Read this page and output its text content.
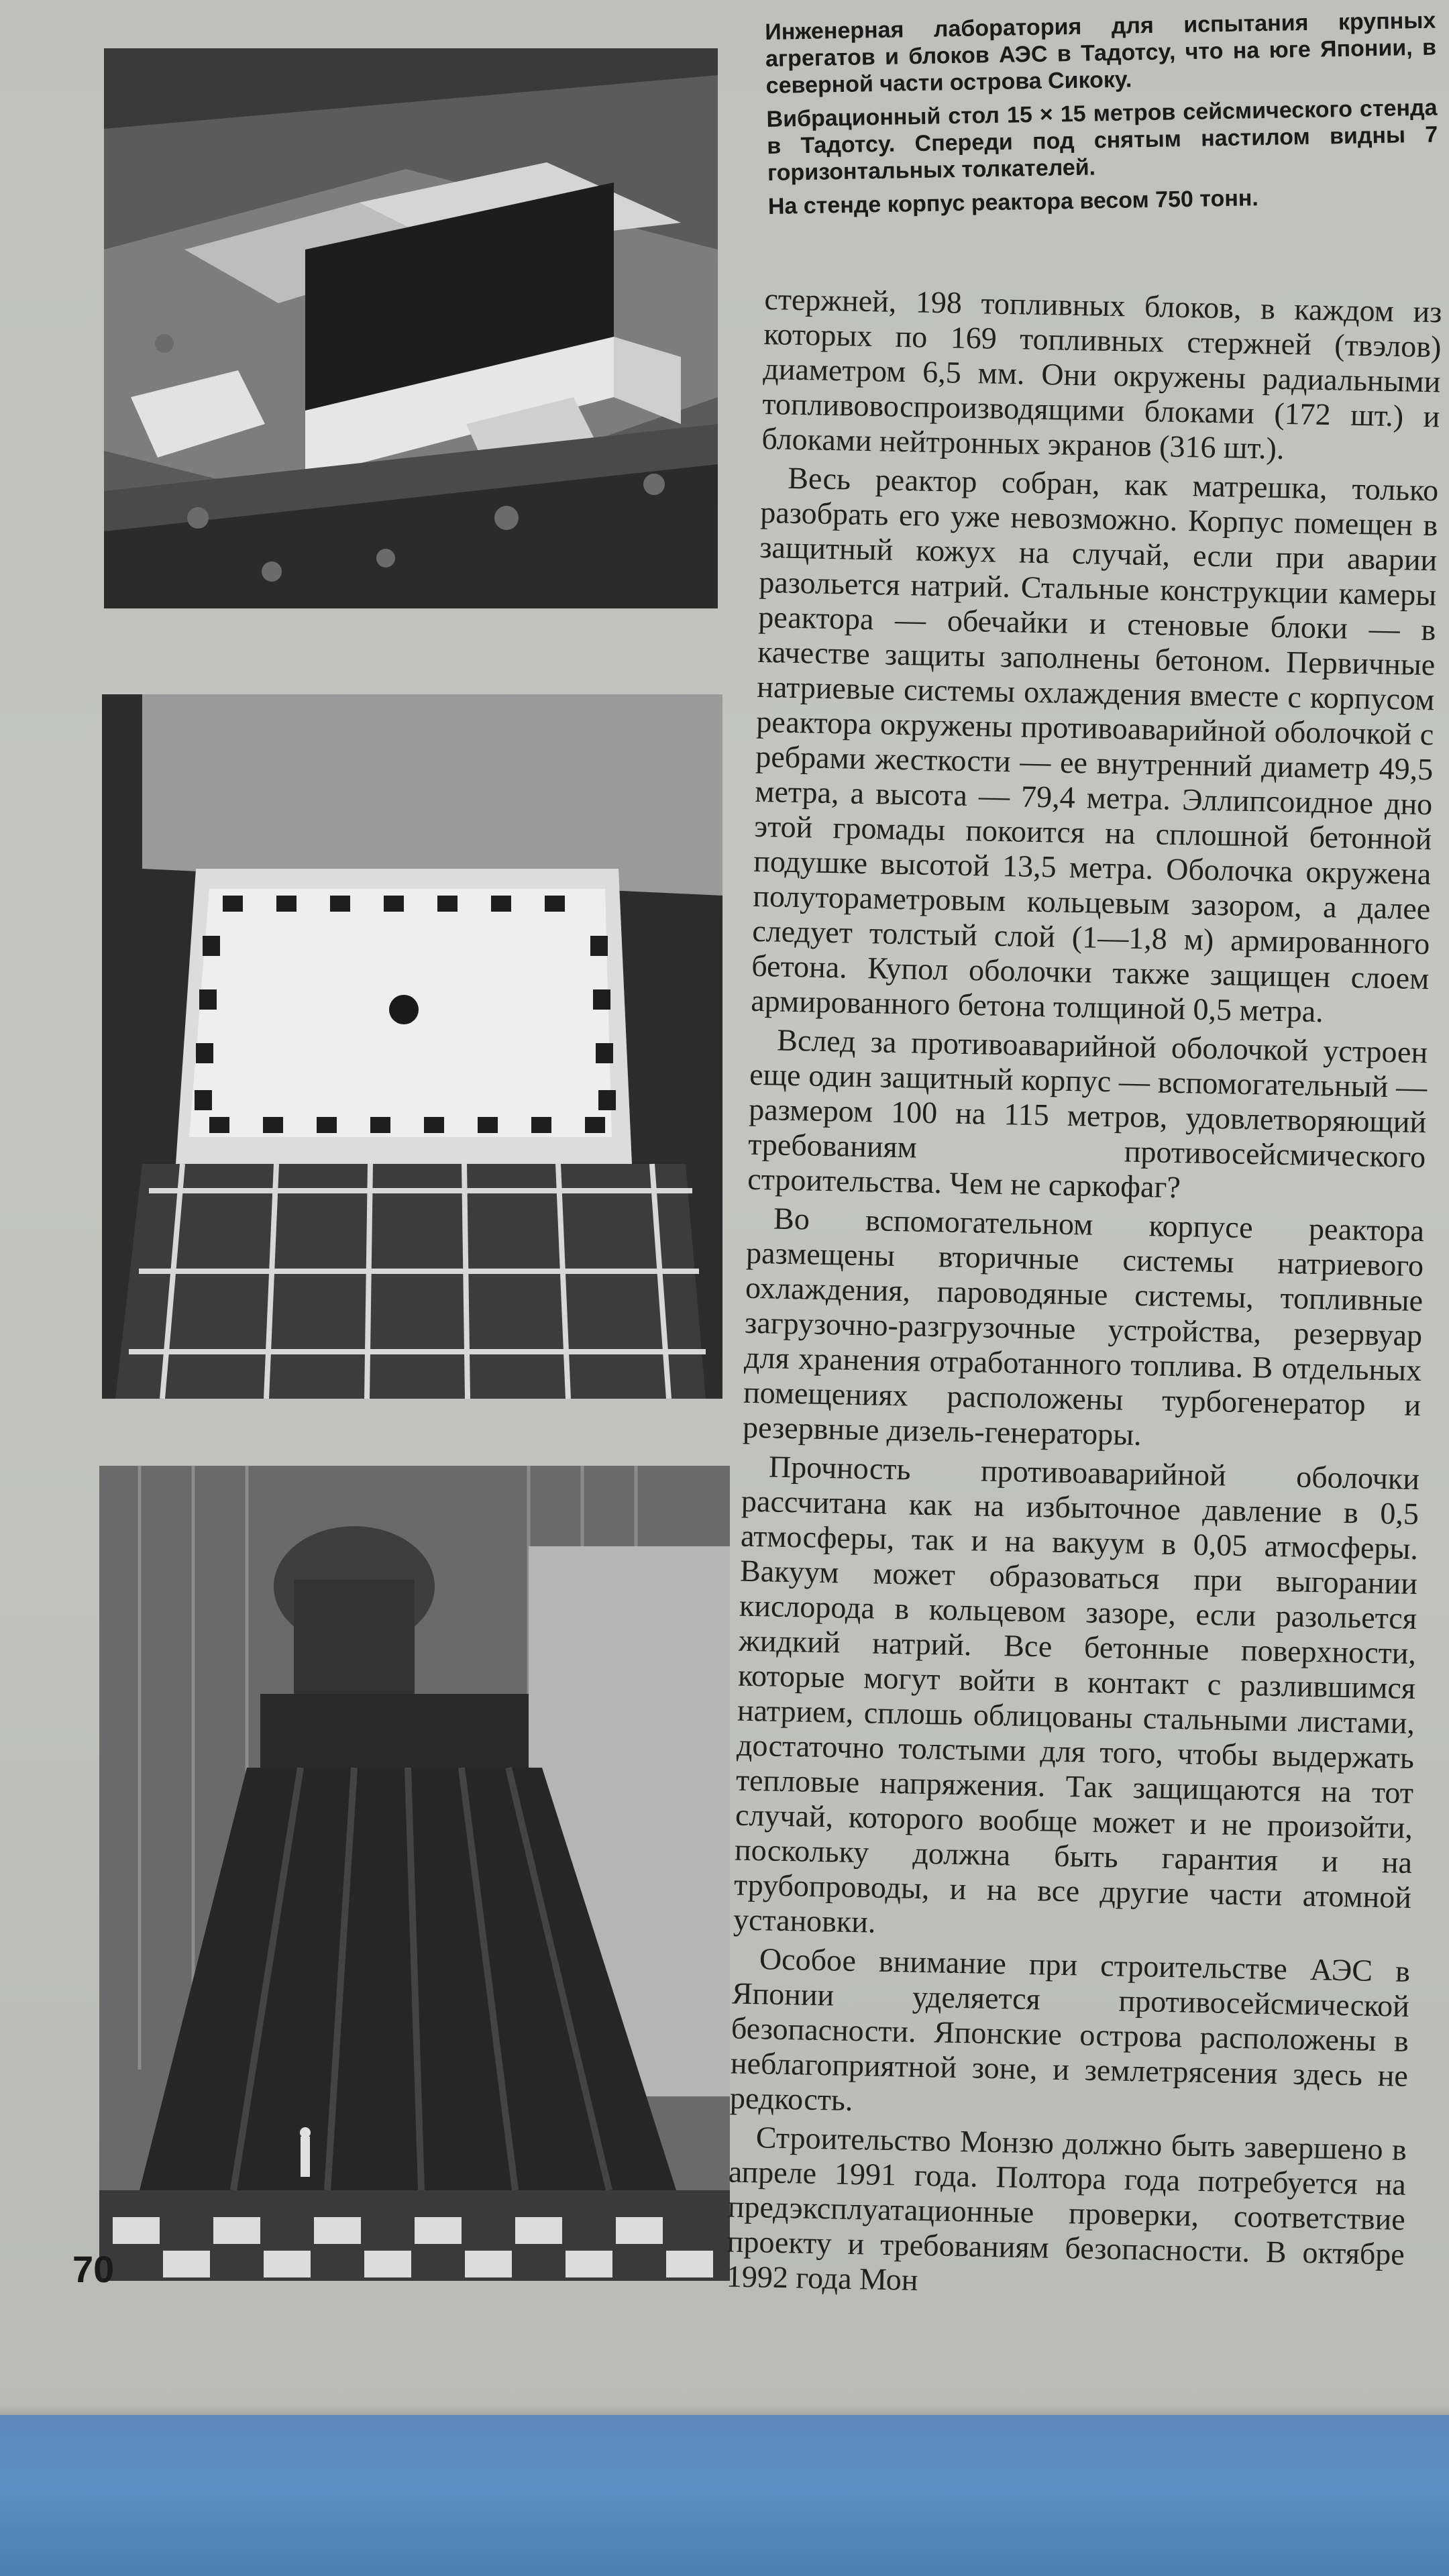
Инженерная лаборатория для испытания крупных агрегатов и блоков АЭС в Тадотсу, что на юге Японии, в северной части острова Сикоку.

Вибрационный стол 15 × 15 метров сейсмического стенда в Тадотсу. Спереди под снятым настилом видны 7 горизонтальных толкателей.

На стенде корпус реактора весом 750 тонн.

стержней, 198 топливных блоков, в каждом из которых по 169 топливных стержней (твэлов) диаметром 6,5 мм. Они окружены радиальными топливовоспроизводящими блоками (172 шт.) и блоками нейтронных экранов (316 шт.).

Весь реактор собран, как матрешка, только разобрать его уже невозможно. Корпус помещен в защитный кожух на случай, если при аварии разольется натрий. Стальные конструкции камеры реактора — обечайки и стеновые блоки — в качестве защиты заполнены бетоном. Первичные натриевые системы охлаждения вместе с корпусом реактора окружены противоаварийной оболочкой с ребрами жесткости — ее внутренний диаметр 49,5 метра, а высота — 79,4 метра. Эллипсоидное дно этой громады покоится на сплошной бетонной подушке высотой 13,5 метра. Оболочка окружена полутораметровым кольцевым зазором, а далее следует толстый слой (1—1,8 м) армированного бетона. Купол оболочки также защищен слоем армированного бетона толщиной 0,5 метра.

Вслед за противоаварийной оболочкой устроен еще один защитный корпус — вспомогательный — размером 100 на 115 метров, удовлетворяющий требованиям противосейсмического строительства. Чем не саркофаг?

Во вспомогательном корпусе реактора размещены вторичные системы натриевого охлаждения, пароводяные системы, топливные загрузочно-разгрузочные устройства, резервуар для хранения отработанного топлива. В отдельных помещениях расположены турбогенератор и резервные дизель-генераторы.

Прочность противоаварийной оболочки рассчитана как на избыточное давление в 0,5 атмосферы, так и на вакуум в 0,05 атмосферы. Вакуум может образоваться при выгорании кислорода в кольцевом зазоре, если разольется жидкий натрий. Все бетонные поверхности, которые могут войти в контакт с разлившимся натрием, сплошь облицованы стальными листами, достаточно толстыми для того, чтобы выдержать тепловые напряжения. Так защищаются на тот случай, которого вообще может и не произойти, поскольку должна быть гарантия и на трубопроводы, и на все другие части атомной установки.

Особое внимание при строительстве АЭС в Японии уделяется противосейсмической безопасности. Японские острова расположены в неблагоприятной зоне, и землетрясения здесь не редкость.

Строительство Монзю должно быть завершено в апреле 1991 года. Полтора года потребуется на предэксплуатационные проверки, соответствие проекту и требованиям безопасности. В октябре 1992 года Мон

70
